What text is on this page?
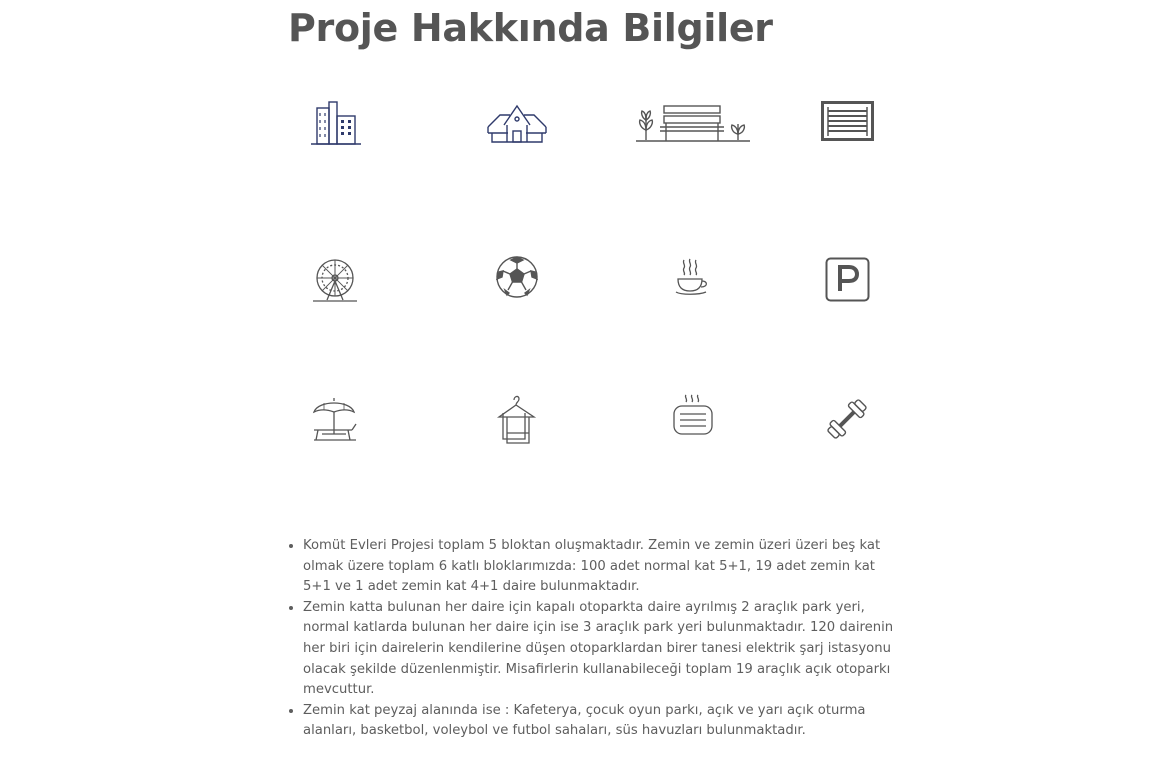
Proje Hakkında Bilgiler
• Komüt Evleri Projesi toplam 5 bloktan oluşmaktadır. Zemin ve zemin üzeri üzeri beş kat olmak üzere toplam 6 katlı bloklarımızda: 100 adet normal kat 5+1, 19 adet zemin kat 5+1 ve 1 adet zemin kat 4+1 daire bulunmaktadır.
• Zemin katta bulunan her daire için kapalı otoparkta daire ayrılmış 2 araçlık park yeri, normal katlarda bulunan her daire için ise 3 araçlık park yeri bulunmaktadır. 120 dairenin her biri için dairelerin kendilerine düşen otoparklardan birer tanesi elektrik şarj istasyonu olacak şekilde düzenlenmiştir. Misafirlerin kullanabileceği toplam 19 araçlık açık otoparkı mevcuttur.
• Zemin kat peyzaj alanında ise : Kafeterya, çocuk oyun parkı, açık ve yarı açık oturma alanları, basketbol, voleybol ve futbol sahaları, süs havuzları bulunmaktadır.
